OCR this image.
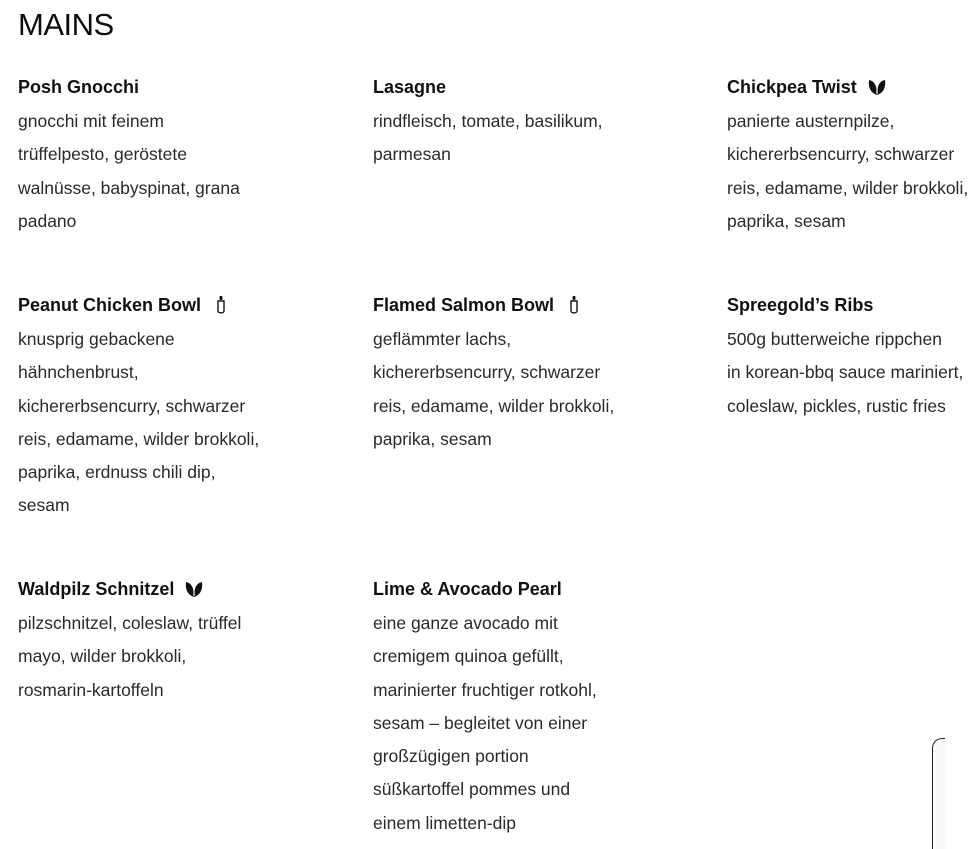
MAINS
Posh Gnocchi

gnocchi mit feinem
trüffelpesto, geröstete
walnüsse, babyspinat, grana
padano

Lasagne

rindfleisch, tomate, basilikum,
parmesan

Chickpea Twist

panierte austernpilze,
kichererbsencurry, schwarzer
reis, edamame, wilder brokkoli,
paprika, sesam

Peanut Chicken Bowl

knusprig gebackene
hähnchenbrust,
kichererbsencurry, schwarzer
reis, edamame, wilder brokkoli,
paprika, erdnuss chili dip,
sesam

Flamed Salmon Bowl

geflämmter lachs,
kichererbsencurry, schwarzer
reis, edamame, wilder brokkoli,
paprika, sesam

Spreegold’s Ribs

500g butterweiche rippchen
in korean-bbq sauce mariniert,
coleslaw, pickles, rustic fries

Waldpilz Schnitzel

pilzschnitzel, coleslaw, trüffel
mayo, wilder brokkoli,
rosmarin-kartoffeln

Lime & Avocado Pearl

eine ganze avocado mit
cremigem quinoa gefüllt,
marinierter fruchtiger rotkohl,
sesam – begleitet von einer
großzügigen portion
süßkartoffel pommes und
einem limetten-dip
